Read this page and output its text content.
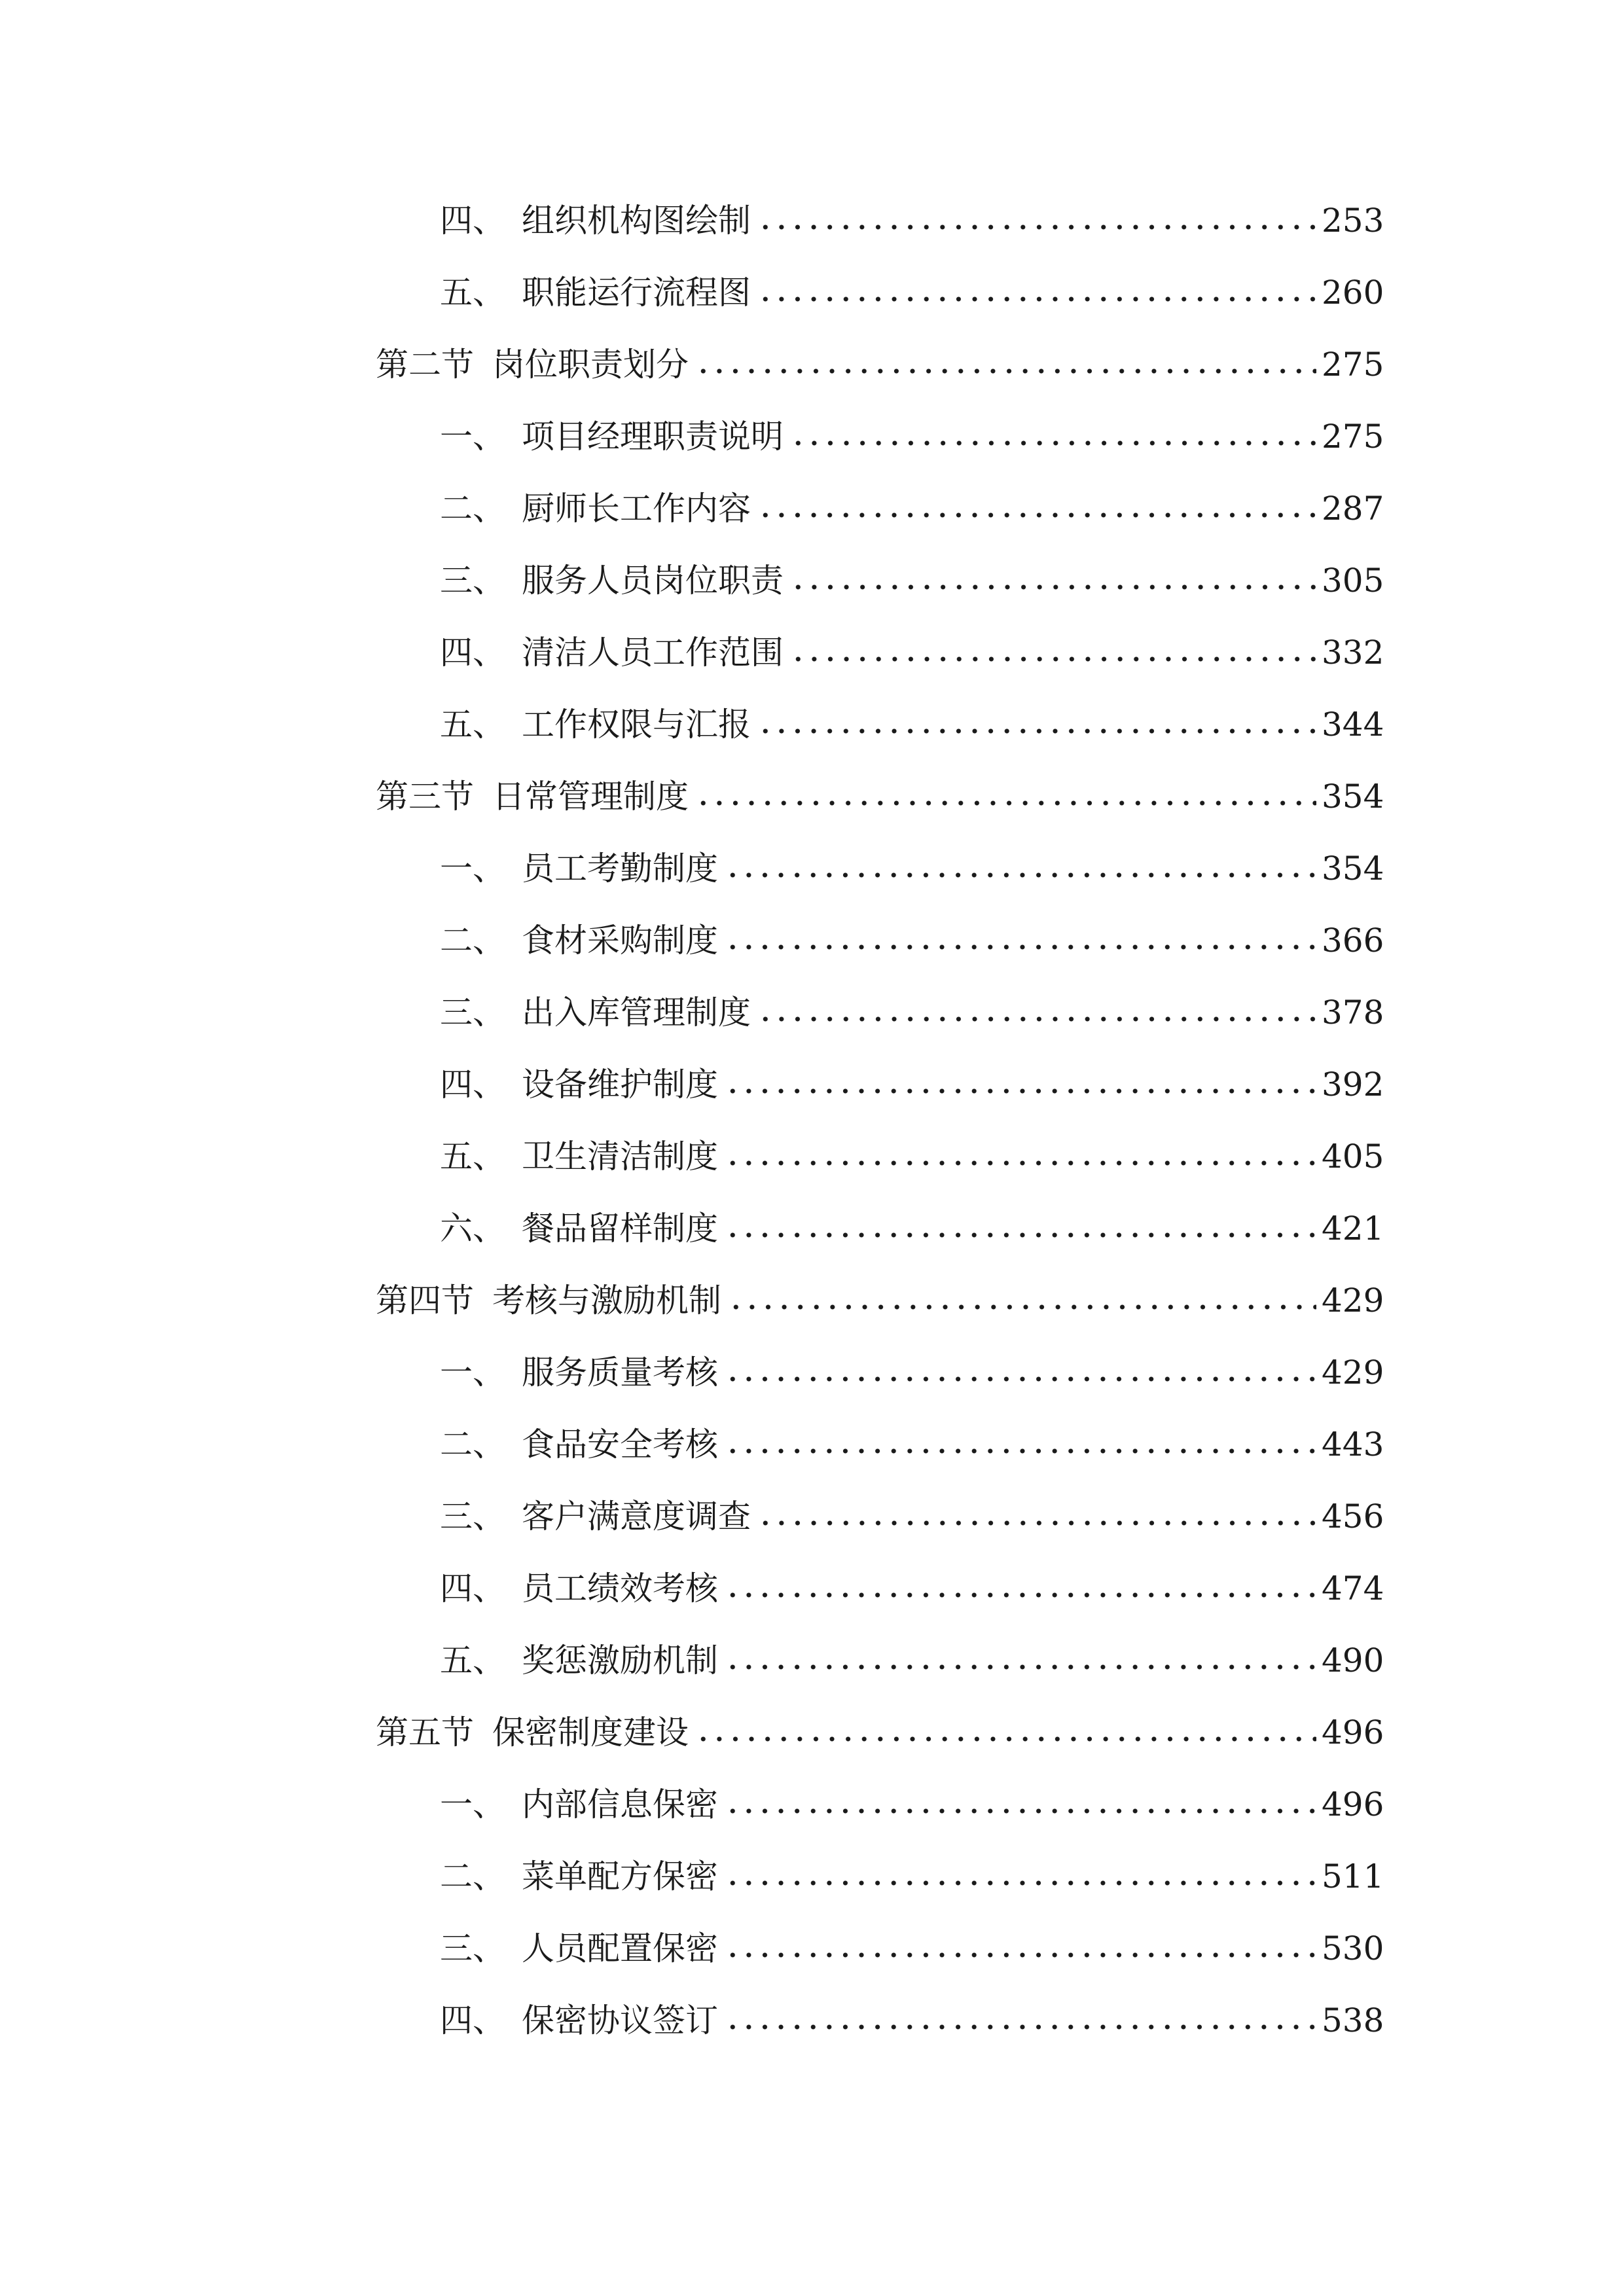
四、 组织机构图绘制	253
五、 职能运行流程图	260
第二节 岗位职责划分	275
一、 项目经理职责说明	275
二、 厨师长工作内容	287
三、 服务人员岗位职责	305
四、 清洁人员工作范围	332
五、 工作权限与汇报	344
第三节 日常管理制度	354
一、 员工考勤制度	354
二、 食材采购制度	366
三、 出入库管理制度	378
四、 设备维护制度	392
五、 卫生清洁制度	405
六、 餐品留样制度	421
第四节 考核与激励机制	429
一、 服务质量考核	429
二、 食品安全考核	443
三、 客户满意度调查	456
四、 员工绩效考核	474
五、 奖惩激励机制	490
第五节 保密制度建设	496
一、 内部信息保密	496
二、 菜单配方保密	511
三、 人员配置保密	530
四、 保密协议签订	538
